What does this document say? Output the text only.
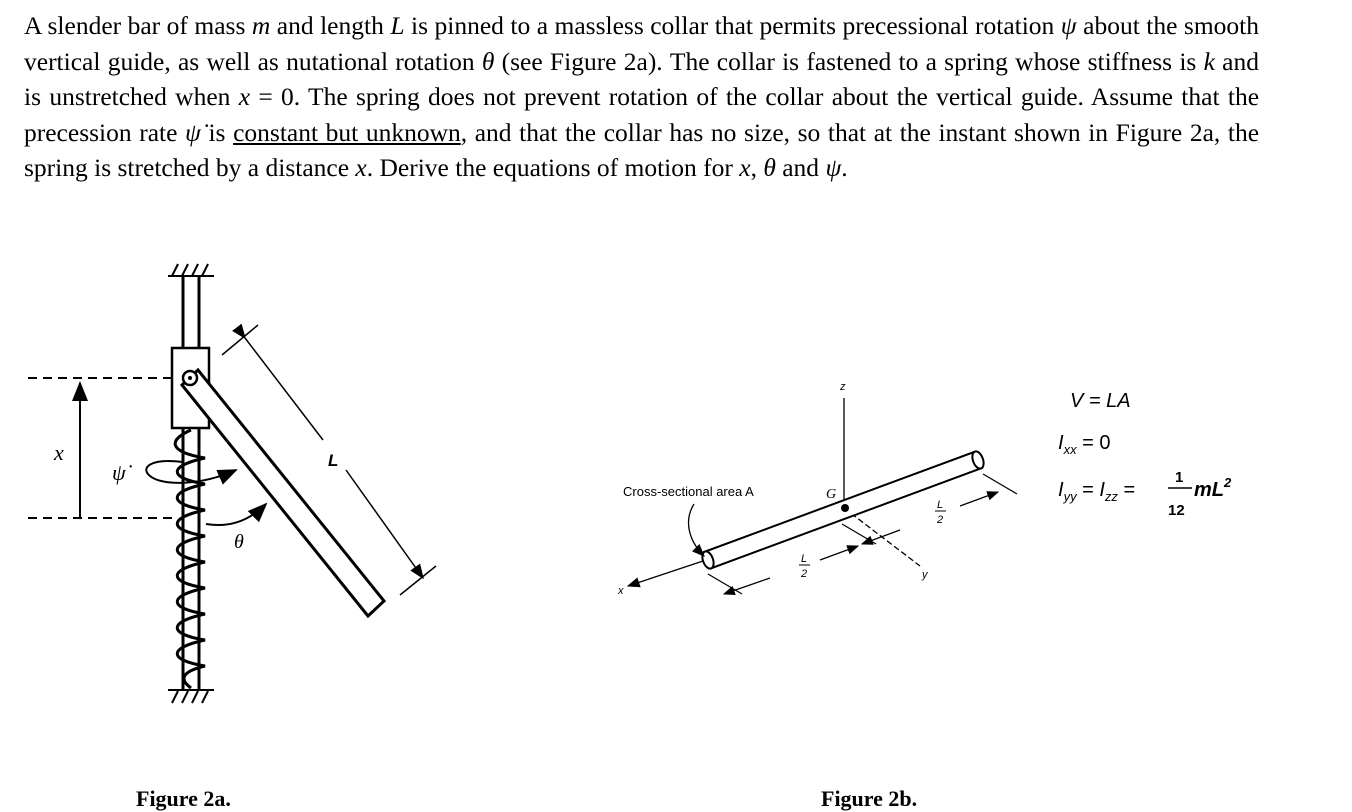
A slender bar of mass m and length L is pinned to a massless collar that permits precessional rotation ψ about the smooth vertical guide, as well as nutational rotation θ (see Figure 2a). The collar is fastened to a spring whose stiffness is k and is unstretched when x = 0. The spring does not prevent rotation of the collar about the vertical guide. Assume that the precession rate ψ̇ is constant but unknown, and that the collar has no size, so that at the instant shown in Figure 2a, the spring is stretched by a distance x. Derive the equations of motion for x, θ and ψ.

x
ψ̇
θ
L
Figure 2a.
z
x
y
G
Cross-sectional area A
L
2
L
2
V = LA
$I_{xx} = 0$
$I_{yy} = I_{zz}$ =
1
12
$mL^2$
Figure 2b.
